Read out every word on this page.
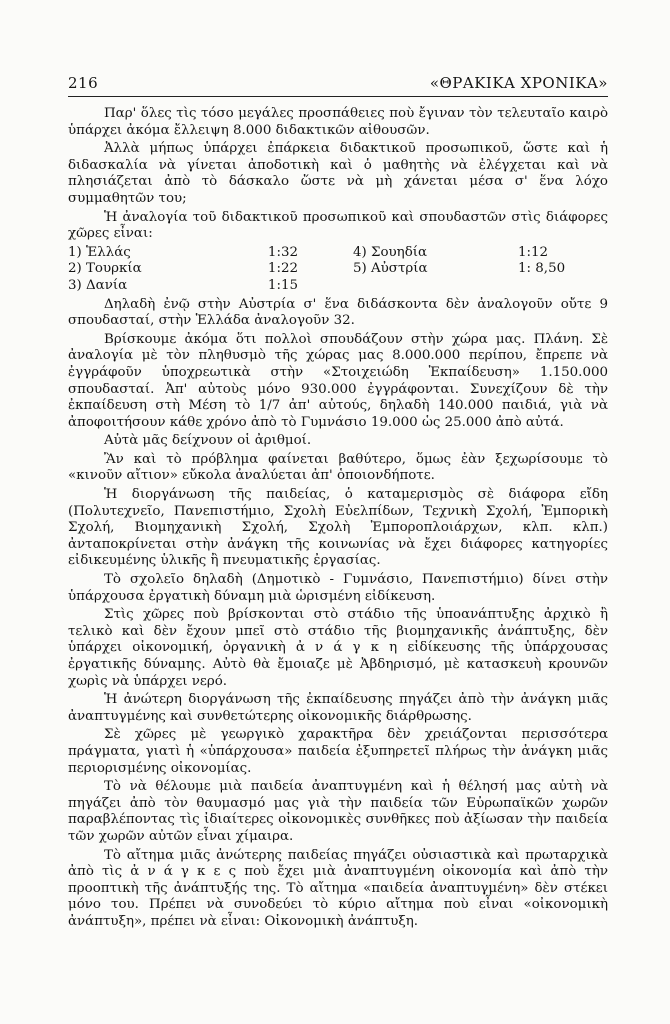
216	«ΘΡΑΚΙΚΑ ΧΡΟΝΙΚΑ»

Παρ' ὅλες τὶς τόσο μεγάλες προσπάθειες ποὺ ἔγιναν τὸν τελευταῖο καιρὸ ὑπάρχει ἀκόμα ἔλλειψη 8.000 διδακτικῶν αἰθουσῶν.

Ἀλλὰ μήπως ὑπάρχει ἐπάρκεια διδακτικοῦ προσωπικοῦ, ὥστε καὶ ἡ διδασκαλία νὰ γίνεται ἀποδοτικὴ καὶ ὁ μαθητὴς νὰ ἐλέγχεται καὶ νὰ πλησιάζεται ἀπὸ τὸ δάσκαλο ὥστε νὰ μὴ χάνεται μέσα σ' ἕνα λόχο συμμαθητῶν του;

Ἡ ἀναλογία τοῦ διδακτικοῦ προσωπικοῦ καὶ σπουδαστῶν στὶς διάφορες χῶρες εἶναι:

1) Ἑλλάς	1:32	4) Σουηδία	1:12
2) Τουρκία	1:22	5) Αὐστρία	1: 8,50
3) Δανία	1:15

Δηλαδὴ ἐνῷ στὴν Αὐστρία σ' ἕνα διδάσκοντα δὲν ἀναλογοῦν οὔτε 9 σπουδασταί, στὴν Ἑλλάδα ἀναλογοῦν 32.

Βρίσκουμε ἀκόμα ὅτι πολλοὶ σπουδάζουν στὴν χώρα μας. Πλάνη. Σὲ ἀναλογία μὲ τὸν πληθυσμὸ τῆς χώρας μας 8.000.000 περίπου, ἔπρεπε νὰ ἐγγράφοῦν ὑποχρεωτικὰ στὴν «Στοιχειώδη Ἐκπαίδευση» 1.150.000 σπουδασταί. Ἀπ' αὐτοὺς μόνο 930.000 ἐγγράφονται. Συνεχίζουν δὲ τὴν ἐκπαίδευση στὴ Μέση τὸ 1/7 ἀπ' αὐτούς, δηλαδὴ 140.000 παιδιά, γιὰ νὰ ἀποφοιτήσουν κάθε χρόνο ἀπὸ τὸ Γυμνάσιο 19.000 ὡς 25.000 ἀπὸ αὐτά.

Αὐτὰ μᾶς δείχνουν οἱ ἀριθμοί.

Ἂν καὶ τὸ πρόβλημα φαίνεται βαθύτερο, ὅμως ἐὰν ξεχωρίσουμε τὸ «κινοῦν αἴτιον» εὔκολα ἀναλύεται ἀπ' ὁποιονδήποτε.

Ἡ διοργάνωση τῆς παιδείας, ὁ καταμερισμὸς σὲ διάφορα εἴδη (Πολυτεχνεῖο, Πανεπιστήμιο, Σχολὴ Εὐελπίδων, Τεχνικὴ Σχολή, Ἐμπορικὴ Σχολή, Βιομηχανικὴ Σχολή, Σχολὴ Ἐμποροπλοιάρχων, κλπ. κλπ.) ἀνταποκρίνεται στὴν ἀνάγκη τῆς κοινωνίας νὰ ἔχει διάφορες κατηγορίες εἰδικευμένης ὑλικῆς ἢ πνευματικῆς ἐργασίας.

Τὸ σχολεῖο δηλαδὴ (Δημοτικὸ - Γυμνάσιο, Πανεπιστήμιο) δίνει στὴν ὑπάρχουσα ἐργατικὴ δύναμη μιὰ ὡρισμένη εἰδίκευση.

Στὶς χῶρες ποὺ βρίσκονται στὸ στάδιο τῆς ὑποανάπτυξης ἀρχικὸ ἢ τελικὸ καὶ δὲν ἔχουν μπεῖ στὸ στάδιο τῆς βιομηχανικῆς ἀνάπτυξης, δὲν ὑπάρχει οἰκονομική, ὀργανικὴ ἀ ν ά γ κ η εἰδίκευσης τῆς ὑπάρχουσας ἐργατικῆς δύναμης. Αὐτὸ θὰ ἔμοιαζε μὲ Ἀβδηρισμό, μὲ κατασκευὴ κρουνῶν χωρὶς νὰ ὑπάρχει νερό.

Ἡ ἀνώτερη διοργάνωση τῆς ἐκπαίδευσης πηγάζει ἀπὸ τὴν ἀνάγκη μιᾶς ἀναπτυγμένης καὶ συνθετώτερης οἰκονομικῆς διάρθρωσης.

Σὲ χῶρες μὲ γεωργικὸ χαρακτῆρα δὲν χρειάζονται περισσότερα πράγματα, γιατὶ ἡ «ὑπάρχουσα» παιδεία ἐξυπηρετεῖ πλήρως τὴν ἀνάγκη μιᾶς περιορισμένης οἰκονομίας.

Τὸ νὰ θέλουμε μιὰ παιδεία ἀναπτυγμένη καὶ ἡ θέλησή μας αὐτὴ νὰ πηγάζει ἀπὸ τὸν θαυμασμό μας γιὰ τὴν παιδεία τῶν Εὐρωπαϊκῶν χωρῶν παραβλέποντας τὶς ἰδιαίτερες οἰκονομικὲς συνθῆκες ποὺ ἀξίωσαν τὴν παιδεία τῶν χωρῶν αὐτῶν εἶναι χίμαιρα.

Τὸ αἴτημα μιᾶς ἀνώτερης παιδείας πηγάζει οὐσιαστικὰ καὶ πρωταρχικὰ ἀπὸ τὶς ἀ ν ά γ κ ε ς ποὺ ἔχει μιὰ ἀναπτυγμένη οἰκονομία καὶ ἀπὸ τὴν προοπτικὴ τῆς ἀνάπτυξής της. Τὸ αἴτημα «παιδεία ἀναπτυγμένη» δὲν στέκει μόνο του. Πρέπει νὰ συνοδεύει τὸ κύριο αἴτημα ποὺ εἶναι «οἰκονομικὴ ἀνάπτυξη», πρέπει νὰ εἶναι: Οἰκονομικὴ ἀνάπτυξη.
